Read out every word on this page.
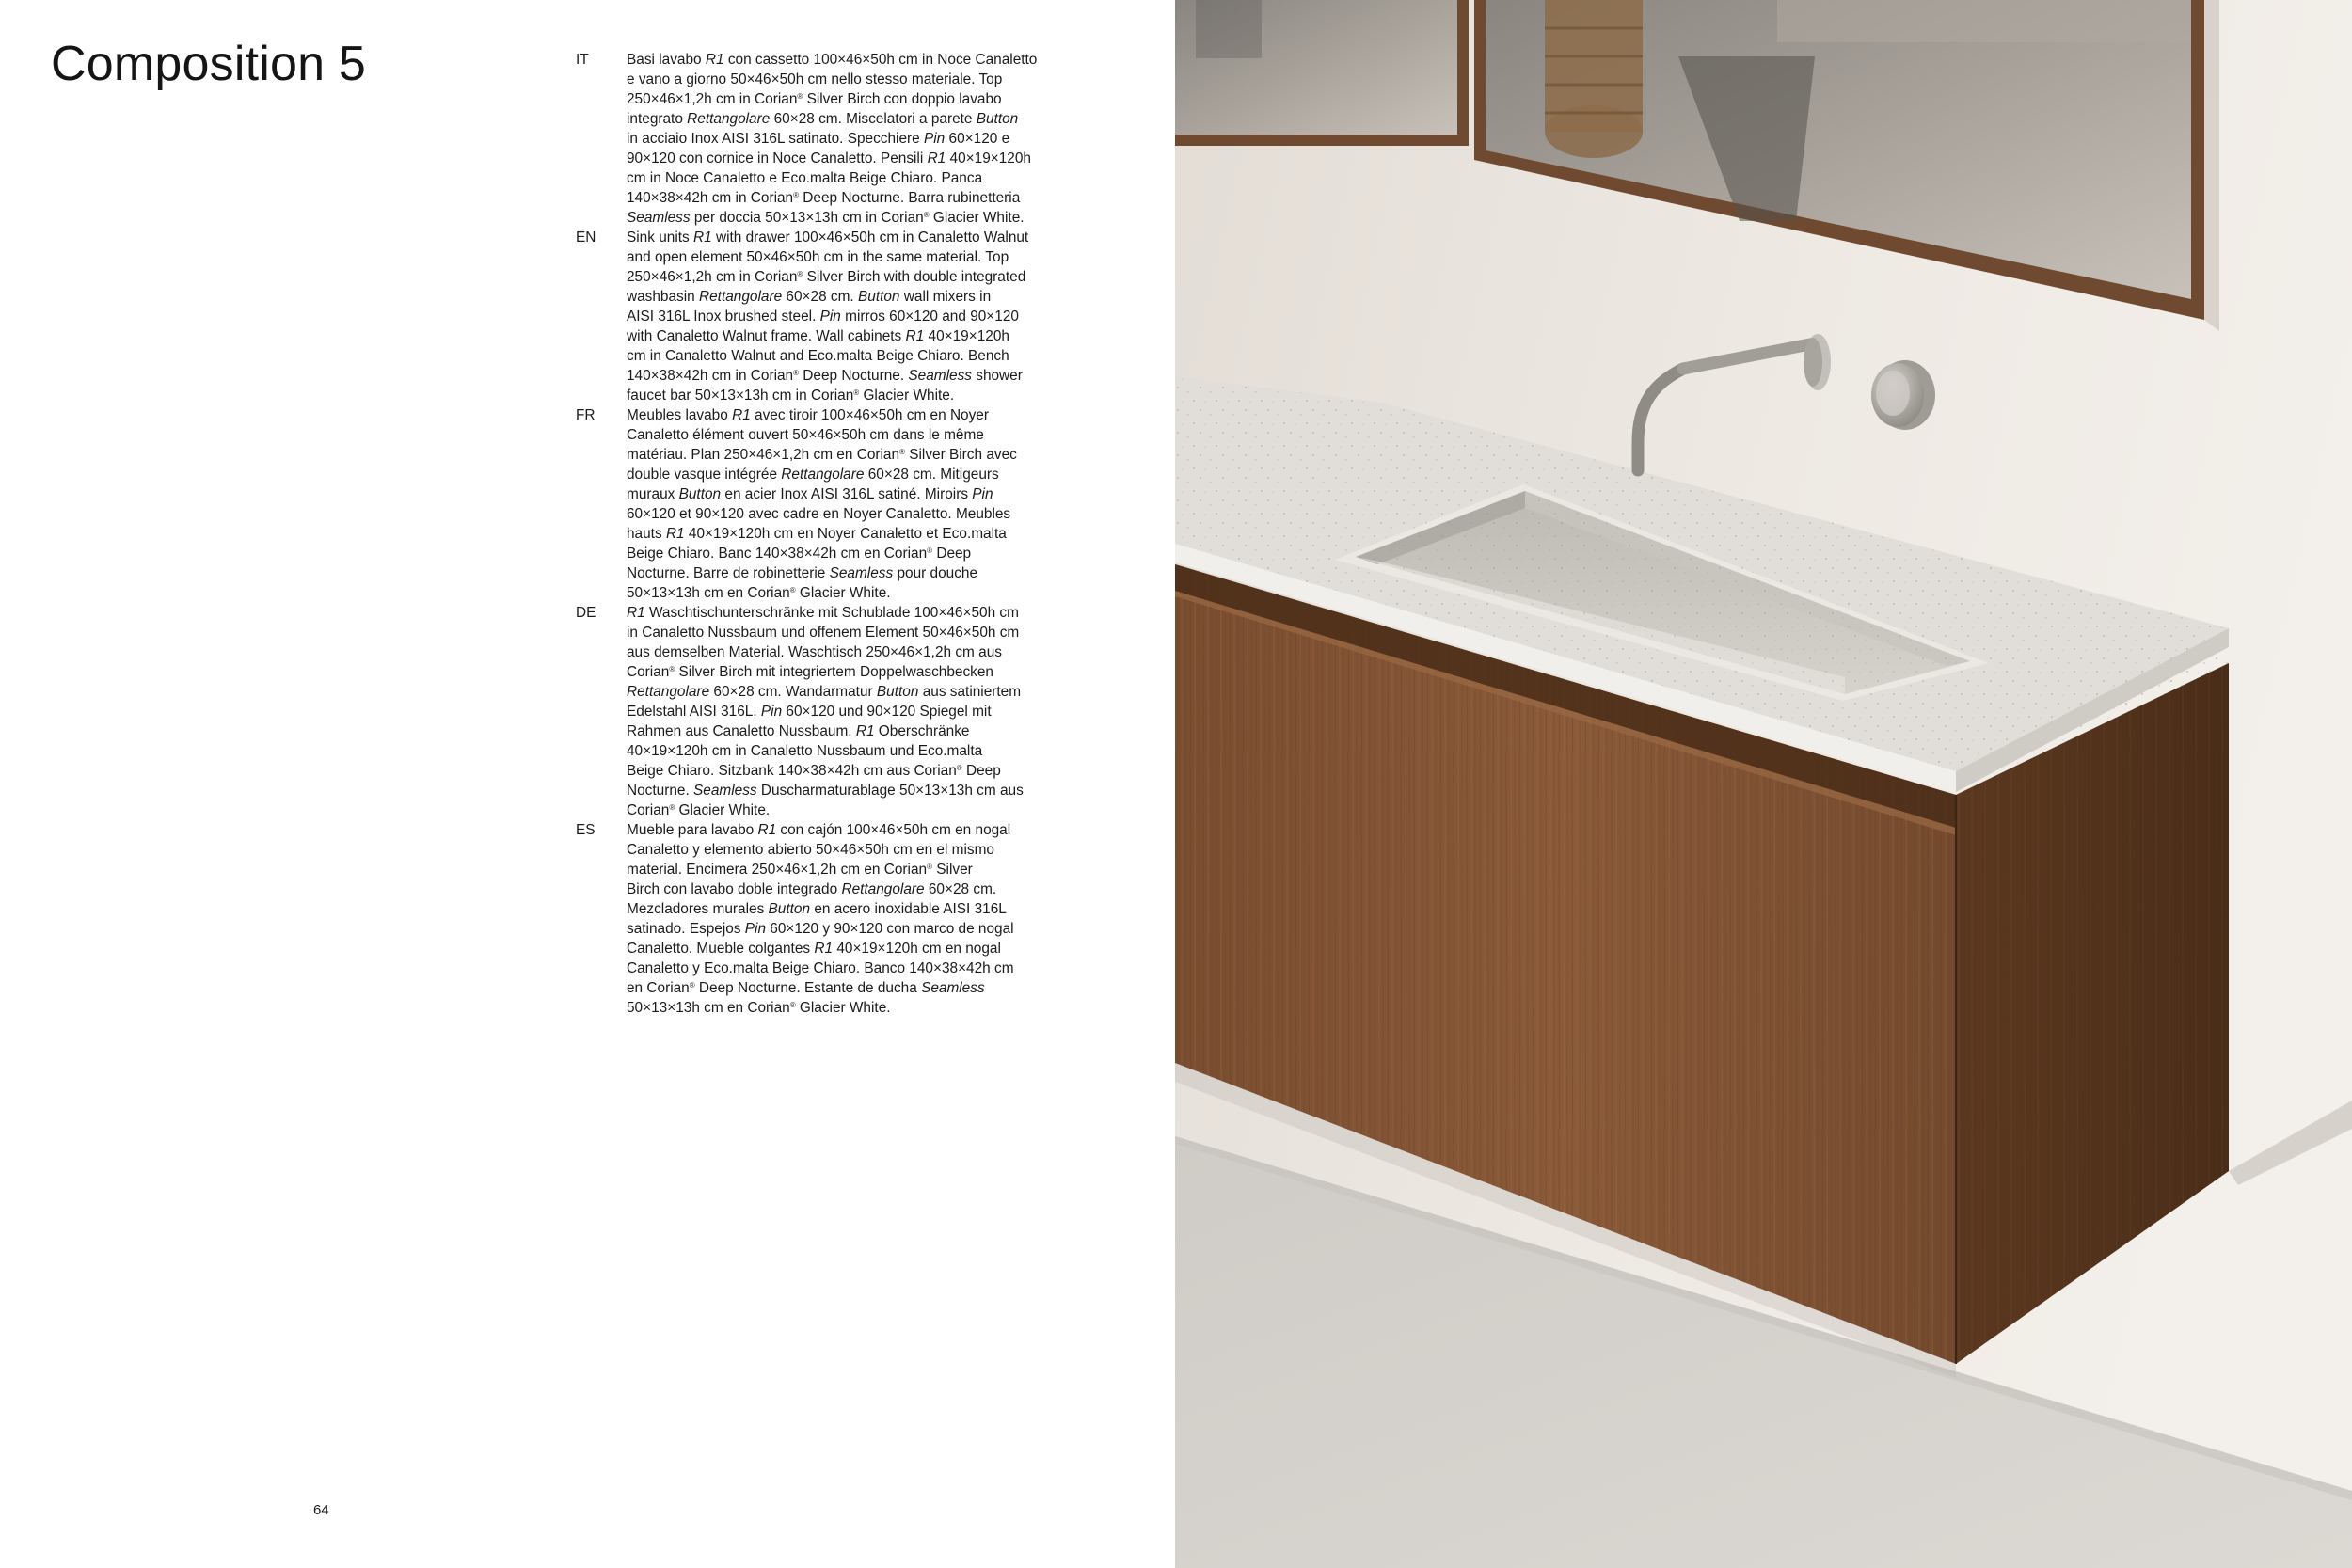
Composition 5	IT	Basi lavabo R1 con cassetto 100×46×50h cm in Noce Canaletto
e vano a giorno 50×46×50h cm nello stesso materiale. Top
250×46×1,2h cm in Corian® Silver Birch con doppio lavabo
integrato Rettangolare 60×28 cm. Miscelatori a parete Button
in acciaio Inox AISI 316L satinato. Specchiere Pin 60×120 e
90×120 con cornice in Noce Canaletto. Pensili R1 40×19×120h
cm in Noce Canaletto e Eco.malta Beige Chiaro. Panca
140×38×42h cm in Corian® Deep Nocturne. Barra rubinetteria
Seamless per doccia 50×13×13h cm in Corian® Glacier White.
EN Sink units R1 with drawer 100×46×50h cm in Canaletto Walnut
and open element 50×46×50h cm in the same material. Top
250×46×1,2h cm in Corian® Silver Birch with double integrated
washbasin Rettangolare 60×28 cm. Button wall mixers in
AISI 316L Inox brushed steel. Pin mirros 60×120 and 90×120
with Canaletto Walnut frame. Wall cabinets R1 40×19×120h
cm in Canaletto Walnut and Eco.malta Beige Chiaro. Bench
140×38×42h cm in Corian® Deep Nocturne. Seamless shower
faucet bar 50×13×13h cm in Corian® Glacier White.
FR Meubles lavabo R1 avec tiroir 100×46×50h cm en Noyer
Canaletto élément ouvert 50×46×50h cm dans le même
matériau. Plan 250×46×1,2h cm en Corian® Silver Birch avec
double vasque intégrée Rettangolare 60×28 cm. Mitigeurs
muraux Button en acier Inox AISI 316L satiné. Miroirs Pin
60×120 et 90×120 avec cadre en Noyer Canaletto. Meubles
hauts R1 40×19×120h cm en Noyer Canaletto et Eco.malta
Beige Chiaro. Banc 140×38×42h cm en Corian® Deep
Nocturne. Barre de robinetterie Seamless pour douche
50×13×13h cm en Corian® Glacier White.
DE R1 Waschtischunterschränke mit Schublade 100×46×50h cm
in Canaletto Nussbaum und offenem Element 50×46×50h cm
aus demselben Material. Waschtisch 250×46×1,2h cm aus
Corian® Silver Birch mit integriertem Doppelwaschbecken
Rettangolare 60×28 cm. Wandarmatur Button aus satiniertem
Edelstahl AISI 316L. Pin 60×120 und 90×120 Spiegel mit
Rahmen aus Canaletto Nussbaum. R1 Oberschränke
40×19×120h cm in Canaletto Nussbaum und Eco.malta
Beige Chiaro. Sitzbank 140×38×42h cm aus Corian® Deep
Nocturne. Seamless Duscharmaturablage 50×13×13h cm aus
Corian® Glacier White.
ES Mueble para lavabo R1 con cajón 100×46×50h cm en nogal
Canaletto y elemento abierto 50×46×50h cm en el mismo
material. Encimera 250×46×1,2h cm en Corian® Silver
Birch con lavabo doble integrado Rettangolare 60×28 cm.
Mezcladores murales Button en acero inoxidable AISI 316L
satinado. Espejos Pin 60×120 y 90×120 con marco de nogal
Canaletto. Mueble colgantes R1 40×19×120h cm en nogal
Canaletto y Eco.malta Beige Chiaro. Banco 140×38×42h cm
en Corian® Deep Nocturne. Estante de ducha Seamless
50×13×13h cm en Corian® Glacier White.
64
